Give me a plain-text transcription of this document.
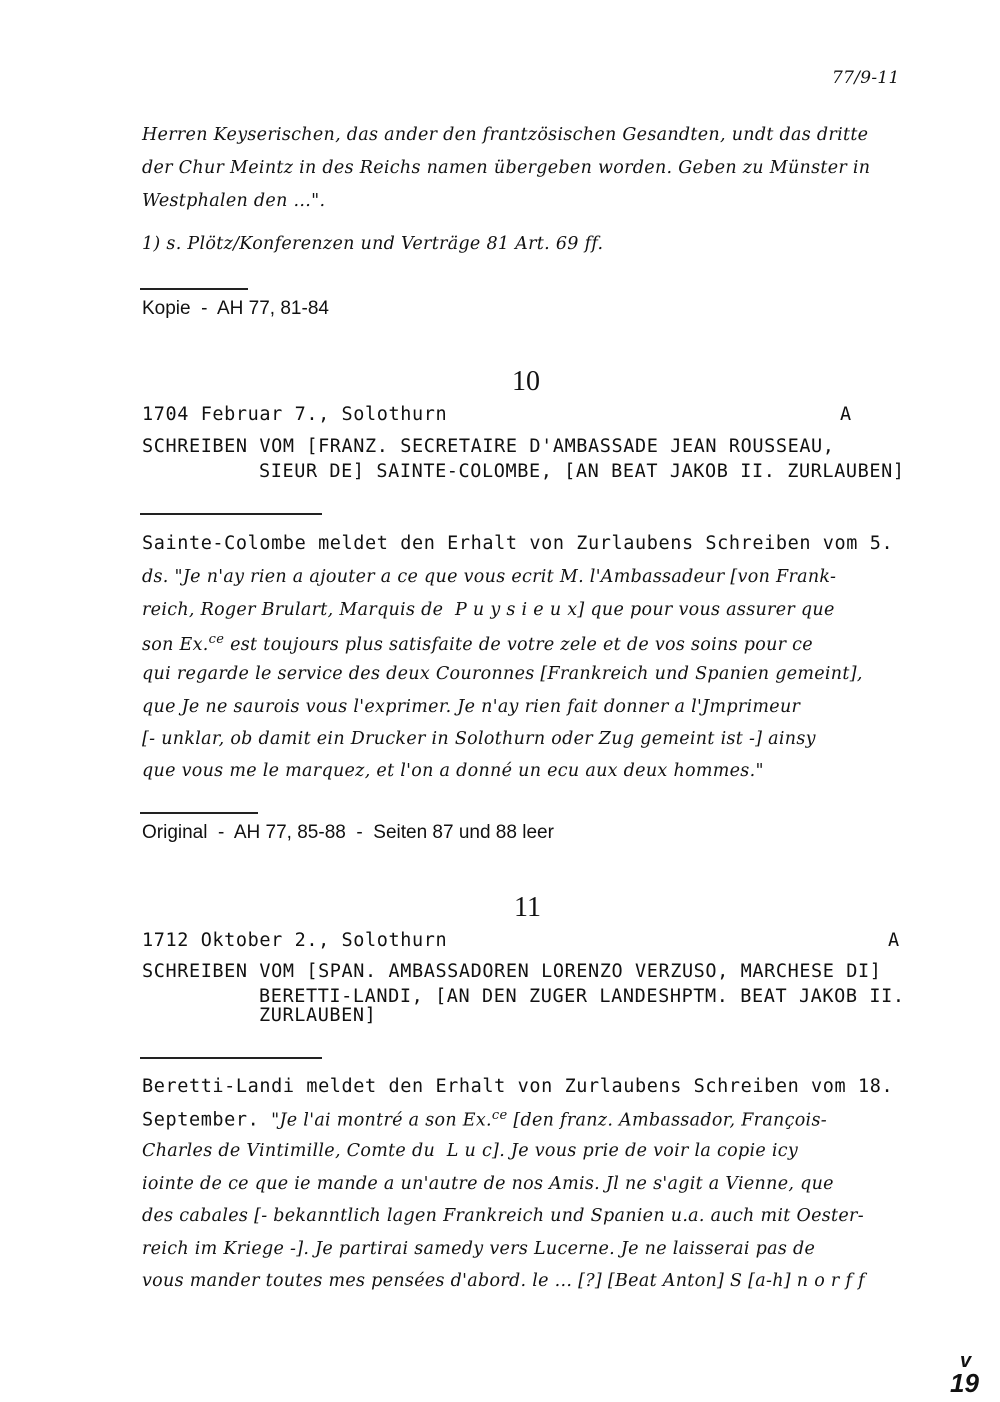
77/9-11
Herren Keyserischen, das ander den frantzösischen Gesandten, undt das dritte
der Chur Meintz in des Reichs namen übergeben worden. Geben zu Münster in
Westphalen den ...".
1) s. Plötz/Konferenzen und Verträge 81 Art. 69 ff.
Kopie  -  AH 77, 81-84
10
1704 Februar 7., Solothurn	A
SCHREIBEN VOM [FRANZ. SECRETAIRE D'AMBASSADE JEAN ROUSSEAU,
SIEUR DE] SAINTE-COLOMBE, [AN BEAT JAKOB II. ZURLAUBEN]
Sainte-Colombe meldet den Erhalt von Zurlaubens Schreiben vom 5.
ds. "Je n'ay rien a ajouter a ce que vous ecrit M. l'Ambassadeur [von Frank-
reich, Roger Brulart, Marquis de  P u y s i e u x] que pour vous assurer que
son Ex.$^{ce}$ est toujours plus satisfaite de votre zele et de vos soins pour ce
qui regarde le service des deux Couronnes [Frankreich und Spanien gemeint],
que Je ne saurois vous l'exprimer. Je n'ay rien fait donner a l'Jmprimeur
[- unklar, ob damit ein Drucker in Solothurn oder Zug gemeint ist -] ainsy
que vous me le marquez, et l'on a donné un ecu aux deux hommes."
Original  -  AH 77, 85-88  -  Seiten 87 und 88 leer
11
1712 Oktober 2., Solothurn	A
SCHREIBEN VOM [SPAN. AMBASSADOREN LORENZO VERZUSO, MARCHESE DI]
BERETTI-LANDI, [AN DEN ZUGER LANDESHPTM. BEAT JAKOB II.
ZURLAUBEN]
Beretti-Landi meldet den Erhalt von Zurlaubens Schreiben vom 18.
September. "Je l'ai montré a son Ex.$^{ce}$ [den franz. Ambassador, François-
Charles de Vintimille, Comte du  L u c]. Je vous prie de voir la copie icy
iointe de ce que ie mande a un'autre de nos Amis. Jl ne s'agit a Vienne, que
des cabales [- bekanntlich lagen Frankreich und Spanien u.a. auch mit Oester-
reich im Kriege -]. Je partirai samedy vers Lucerne. Je ne laisserai pas de
vous mander toutes mes pensées d'abord. le ... [?] [Beat Anton] S [a-h] n o r f f
v
19
